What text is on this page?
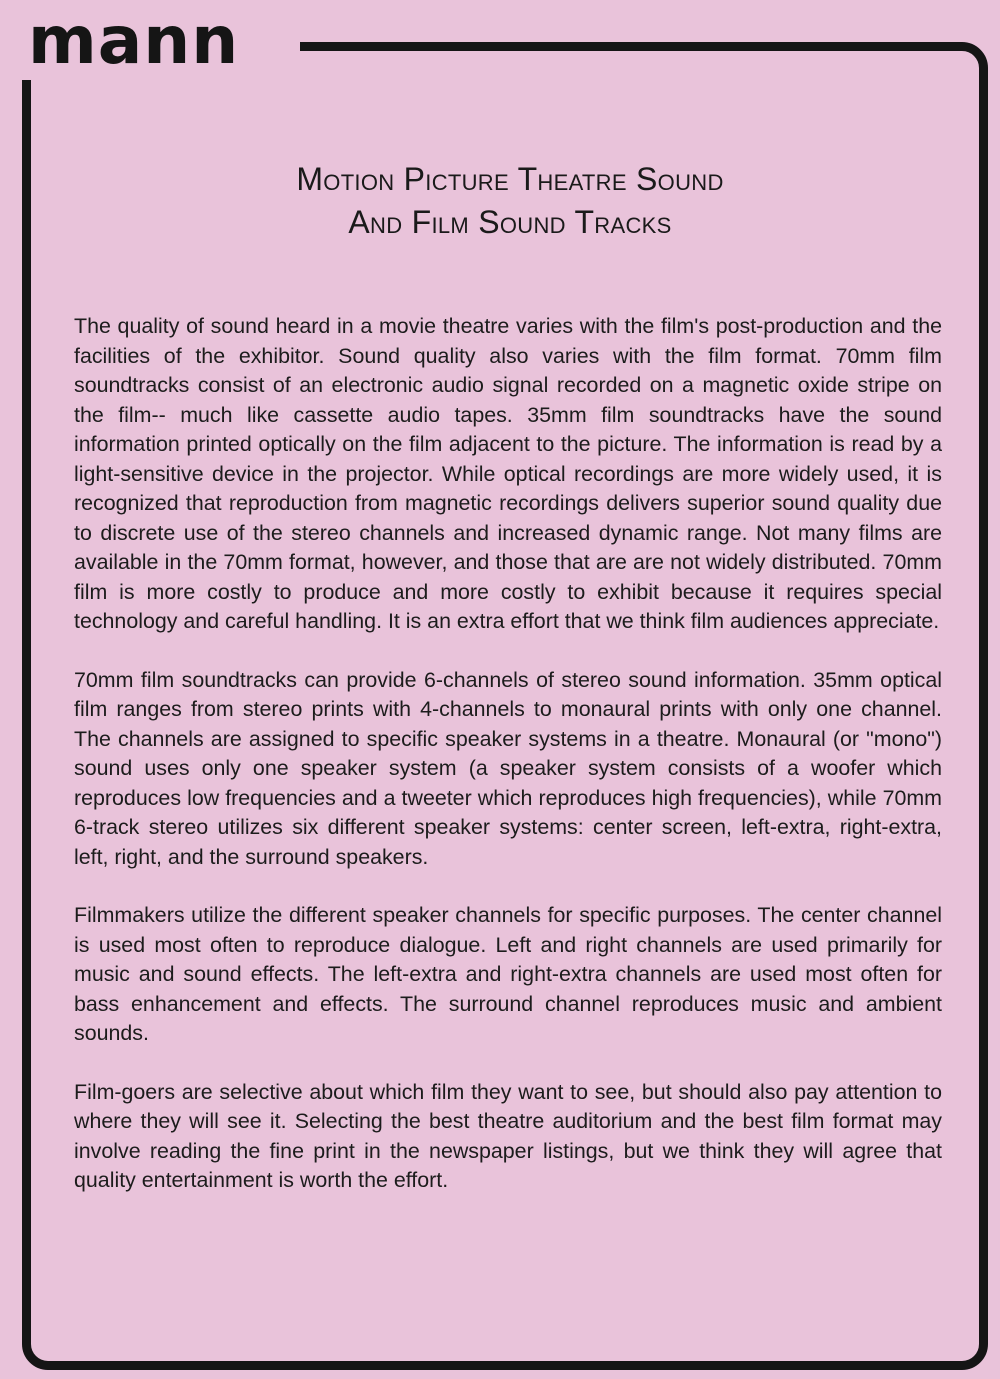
mann
Motion Picture Theatre Sound
And Film Sound Tracks

The quality of sound heard in a movie theatre varies with the film's post-production and the facilities of the exhibitor. Sound quality also varies with the film format. 70mm film soundtracks consist of an electronic audio signal recorded on a magnetic oxide stripe on the film-- much like cassette audio tapes. 35mm film soundtracks have the sound information printed optically on the film adjacent to the picture. The information is read by a light-sensitive device in the projector. While optical recordings are more widely used, it is recognized that reproduction from magnetic recordings delivers superior sound quality due to discrete use of the stereo channels and increased dynamic range. Not many films are available in the 70mm format, however, and those that are are not widely distributed. 70mm film is more costly to produce and more costly to exhibit because it requires special technology and careful handling. It is an extra effort that we think film audiences appreciate.

70mm film soundtracks can provide 6-channels of stereo sound information. 35mm optical film ranges from stereo prints with 4-channels to monaural prints with only one channel. The channels are assigned to specific speaker systems in a theatre. Monaural (or "mono") sound uses only one speaker system (a speaker system consists of a woofer which reproduces low frequencies and a tweeter which reproduces high frequencies), while 70mm 6-track stereo utilizes six different speaker systems: center screen, left-extra, right-extra, left, right, and the surround speakers.

Filmmakers utilize the different speaker channels for specific purposes. The center channel is used most often to reproduce dialogue. Left and right channels are used primarily for music and sound effects. The left-extra and right-extra channels are used most often for bass enhancement and effects. The surround channel reproduces music and ambient sounds.

Film-goers are selective about which film they want to see, but should also pay attention to where they will see it. Selecting the best theatre auditorium and the best film format may involve reading the fine print in the newspaper listings, but we think they will agree that quality entertainment is worth the effort.
